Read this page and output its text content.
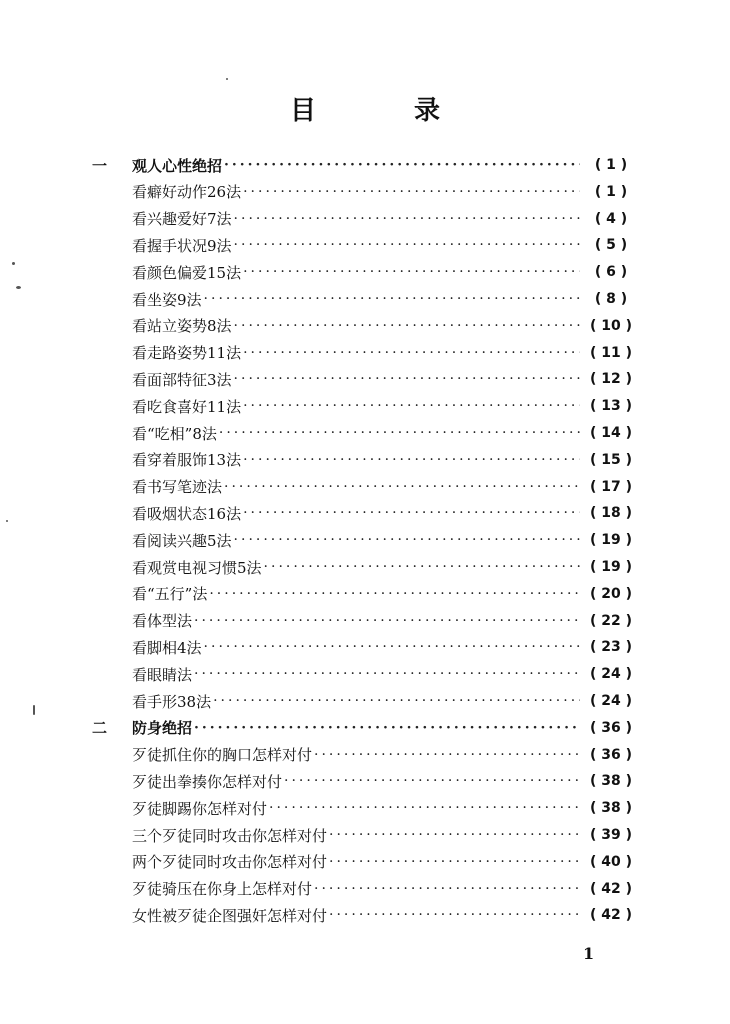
目　录
一	观人心性绝招 ·····	( 1 )
看癖好动作26法 ·····	( 1 )
看兴趣爱好7法 ·····	( 4 )
看握手状况9法 ·····	( 5 )
看颜色偏爱15法 ·····	( 6 )
看坐姿9法 ·····	( 8 )
看站立姿势8法 ·····	( 10 )
看走路姿势11法 ·····	( 11 )
看面部特征3法 ·····	( 12 )
看吃食喜好11法 ·····	( 13 )
看“吃相”8法 ·····	( 14 )
看穿着服饰13法 ·····	( 15 )
看书写笔迹法 ·····	( 17 )
看吸烟状态16法 ·····	( 18 )
看阅读兴趣5法 ·····	( 19 )
看观赏电视习惯5法 ·····	( 19 )
看“五行”法 ·····	( 20 )
看体型法 ·····	( 22 )
看脚相4法 ·····	( 23 )
看眼睛法 ·····	( 24 )
看手形38法 ·····	( 24 )
二	防身绝招 ·····	( 36 )
歹徒抓住你的胸口怎样对付 ·····	( 36 )
歹徒出拳揍你怎样对付 ·····	( 38 )
歹徒脚踢你怎样对付 ·····	( 38 )
三个歹徒同时攻击你怎样对付 ·····	( 39 )
两个歹徒同时攻击你怎样对付 ·····	( 40 )
歹徒骑压在你身上怎样对付 ·····	( 42 )
女性被歹徒企图强奸怎样对付 ·····	( 42 )
1
